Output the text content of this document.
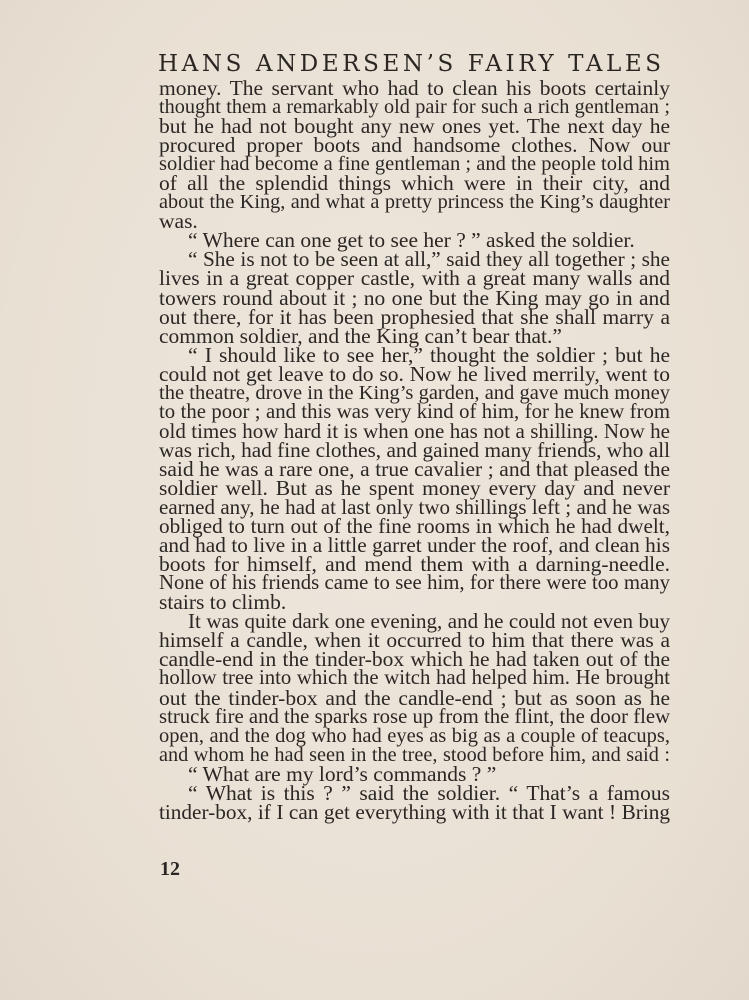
HANS ANDERSEN’S FAIRY TALES
money. The servant who had to clean his boots certainly
thought them a remarkably old pair for such a rich gentleman ;
but he had not bought any new ones yet. The next day he
procured proper boots and handsome clothes. Now our
soldier had become a fine gentleman ; and the people told him
of all the splendid things which were in their city, and
about the King, and what a pretty princess the King’s daughter
was.
“ Where can one get to see her ? ” asked the soldier.
“ She is not to be seen at all,” said they all together ; she
lives in a great copper castle, with a great many walls and
towers round about it ; no one but the King may go in and
out there, for it has been prophesied that she shall marry a
common soldier, and the King can’t bear that.”
“ I should like to see her,” thought the soldier ; but he
could not get leave to do so. Now he lived merrily, went to
the theatre, drove in the King’s garden, and gave much money
to the poor ; and this was very kind of him, for he knew from
old times how hard it is when one has not a shilling. Now he
was rich, had fine clothes, and gained many friends, who all
said he was a rare one, a true cavalier ; and that pleased the
soldier well. But as he spent money every day and never
earned any, he had at last only two shillings left ; and he was
obliged to turn out of the fine rooms in which he had dwelt,
and had to live in a little garret under the roof, and clean his
boots for himself, and mend them with a darning-needle.
None of his friends came to see him, for there were too many
stairs to climb.
It was quite dark one evening, and he could not even buy
himself a candle, when it occurred to him that there was a
candle-end in the tinder-box which he had taken out of the
hollow tree into which the witch had helped him. He brought
out the tinder-box and the candle-end ; but as soon as he
struck fire and the sparks rose up from the flint, the door flew
open, and the dog who had eyes as big as a couple of teacups,
and whom he had seen in the tree, stood before him, and said :
“ What are my lord’s commands ? ”
“ What is this ? ” said the soldier. “ That’s a famous
tinder-box, if I can get everything with it that I want ! Bring
12
